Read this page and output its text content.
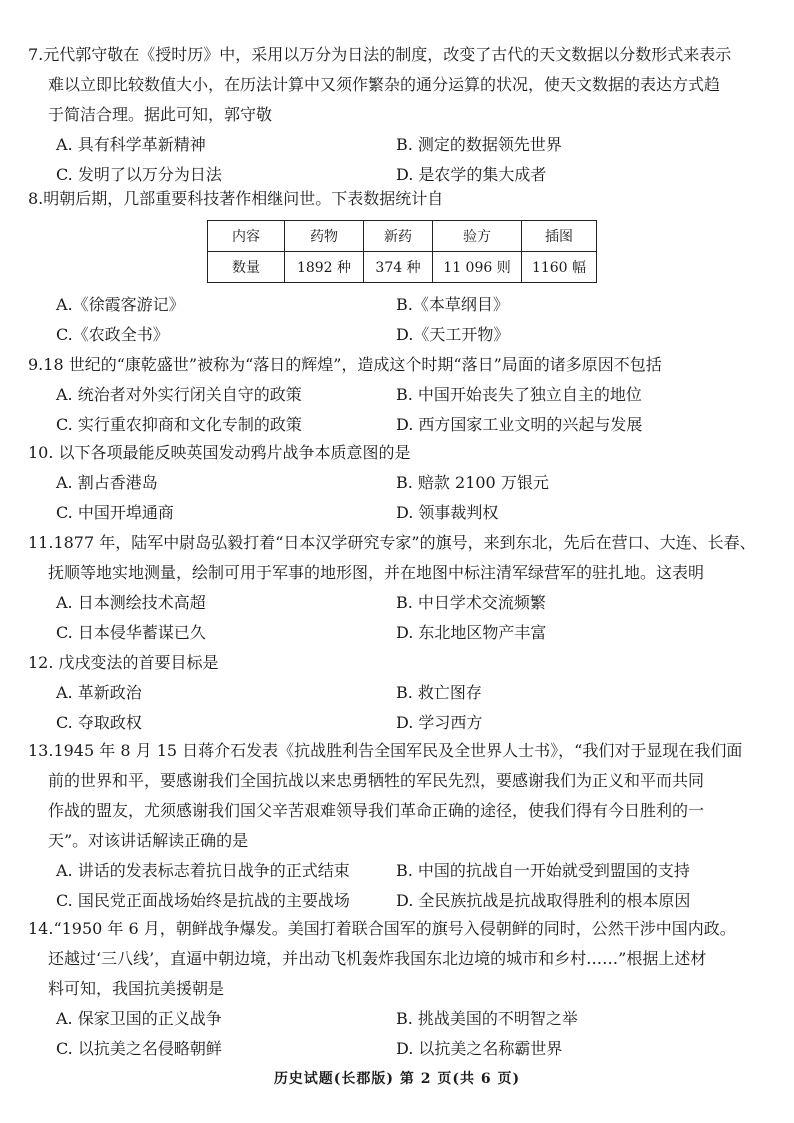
7.元代郭守敬在《授时历》中，采用以万分为日法的制度，改变了古代的天文数据以分数形式来表示

难以立即比较数值大小，在历法计算中又须作繁杂的通分运算的状况，使天文数据的表达方式趋
于简洁合理。据此可知，郭守敬

A. 具有科学革新精神	B. 测定的数据领先世界
C. 发明了以万分为日法	D. 是农学的集大成者

8.明朝后期，几部重要科技著作相继问世。下表数据统计自

内容	药物	新药	验方	插图
数量	1892 种	374 种	11 096 则	1160 幅
A.《徐霞客游记》	B.《本草纲目》
C.《农政全书》	D.《天工开物》

9.18 世纪的“康乾盛世”被称为“落日的辉煌”，造成这个时期“落日”局面的诸多原因不包括

A. 统治者对外实行闭关自守的政策	B. 中国开始丧失了独立自主的地位
C. 实行重农抑商和文化专制的政策	D. 西方国家工业文明的兴起与发展

10. 以下各项最能反映英国发动鸦片战争本质意图的是

A. 割占香港岛	B. 赔款 2100 万银元
C. 中国开埠通商	D. 领事裁判权

11.1877 年，陆军中尉岛弘毅打着“日本汉学研究专家”的旗号，来到东北，先后在营口、大连、长春、

抚顺等地实地测量，绘制可用于军事的地形图，并在地图中标注清军绿营军的驻扎地。这表明

A. 日本测绘技术高超	B. 中日学术交流频繁
C. 日本侵华蓄谋已久	D. 东北地区物产丰富

12. 戊戌变法的首要目标是

A. 革新政治	B. 救亡图存
C. 夺取政权	D. 学习西方

13.1945 年 8 月 15 日蒋介石发表《抗战胜利告全国军民及全世界人士书》，“我们对于显现在我们面

前的世界和平，要感谢我们全国抗战以来忠勇牺牲的军民先烈，要感谢我们为正义和平而共同
作战的盟友，尤须感谢我们国父辛苦艰难领导我们革命正确的途径，使我们得有今日胜利的一
天”。对该讲话解读正确的是

A. 讲话的发表标志着抗日战争的正式结束	B. 中国的抗战自一开始就受到盟国的支持
C. 国民党正面战场始终是抗战的主要战场	D. 全民族抗战是抗战取得胜利的根本原因

14.“1950 年 6 月，朝鲜战争爆发。美国打着联合国军的旗号入侵朝鲜的同时，公然干涉中国内政。

还越过‘三八线’，直逼中朝边境，并出动飞机轰炸我国东北边境的城市和乡村……”根据上述材
料可知，我国抗美援朝是

A. 保家卫国的正义战争	B. 挑战美国的不明智之举
C. 以抗美之名侵略朝鲜	D. 以抗美之名称霸世界
历史试题(长郡版) 第 2 页(共 6 页)
